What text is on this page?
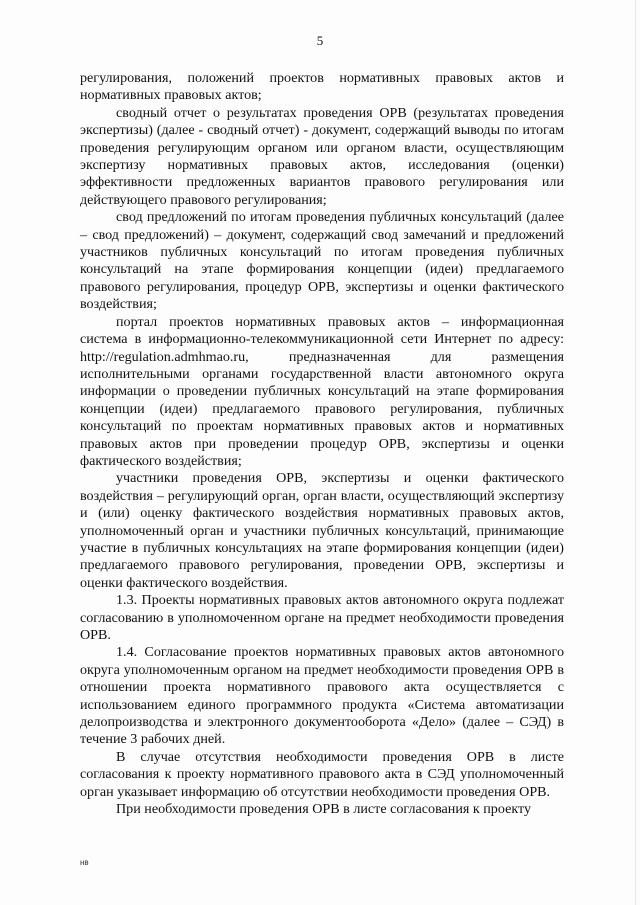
5

регулирования, положений проектов нормативных правовых актов и нормативных правовых актов;

сводный отчет о результатах проведения ОРВ (результатах проведения экспертизы) (далее - сводный отчет) - документ, содержащий выводы по итогам проведения регулирующим органом или органом власти, осуществляющим экспертизу нормативных правовых актов, исследования (оценки) эффективности предложенных вариантов правового регулирования или действующего правового регулирования;

свод предложений по итогам проведения публичных консультаций (далее – свод предложений) – документ, содержащий свод замечаний и предложений участников публичных консультаций по итогам проведения публичных консультаций на этапе формирования концепции (идеи) предлагаемого правового регулирования, процедур ОРВ, экспертизы и оценки фактического воздействия;

портал проектов нормативных правовых актов – информационная система в информационно-телекоммуникационной сети Интернет по адресу: http://regulation.admhmao.ru, предназначенная для размещения исполнительными органами государственной власти автономного округа информации о проведении публичных консультаций на этапе формирования концепции (идеи) предлагаемого правового регулирования, публичных консультаций по проектам нормативных правовых актов и нормативных правовых актов при проведении процедур ОРВ, экспертизы и оценки фактического воздействия;

участники проведения ОРВ, экспертизы и оценки фактического воздействия – регулирующий орган, орган власти, осуществляющий экспертизу и (или) оценку фактического воздействия нормативных правовых актов, уполномоченный орган и участники публичных консультаций, принимающие участие в публичных консультациях на этапе формирования концепции (идеи) предлагаемого правового регулирования, проведении ОРВ, экспертизы и оценки фактического воздействия.

1.3. Проекты нормативных правовых актов автономного округа подлежат согласованию в уполномоченном органе на предмет необходимости проведения ОРВ.

1.4. Согласование проектов нормативных правовых актов автономного округа уполномоченным органом на предмет необходимости проведения ОРВ в отношении проекта нормативного правового акта осуществляется с использованием единого программного продукта «Система автоматизации делопроизводства и электронного документооборота «Дело» (далее – СЭД) в течение 3 рабочих дней.

В случае отсутствия необходимости проведения ОРВ в листе согласования к проекту нормативного правового акта в СЭД уполномоченный орган указывает информацию об отсутствии необходимости проведения ОРВ.

При необходимости проведения ОРВ в листе согласования к проекту

нв
